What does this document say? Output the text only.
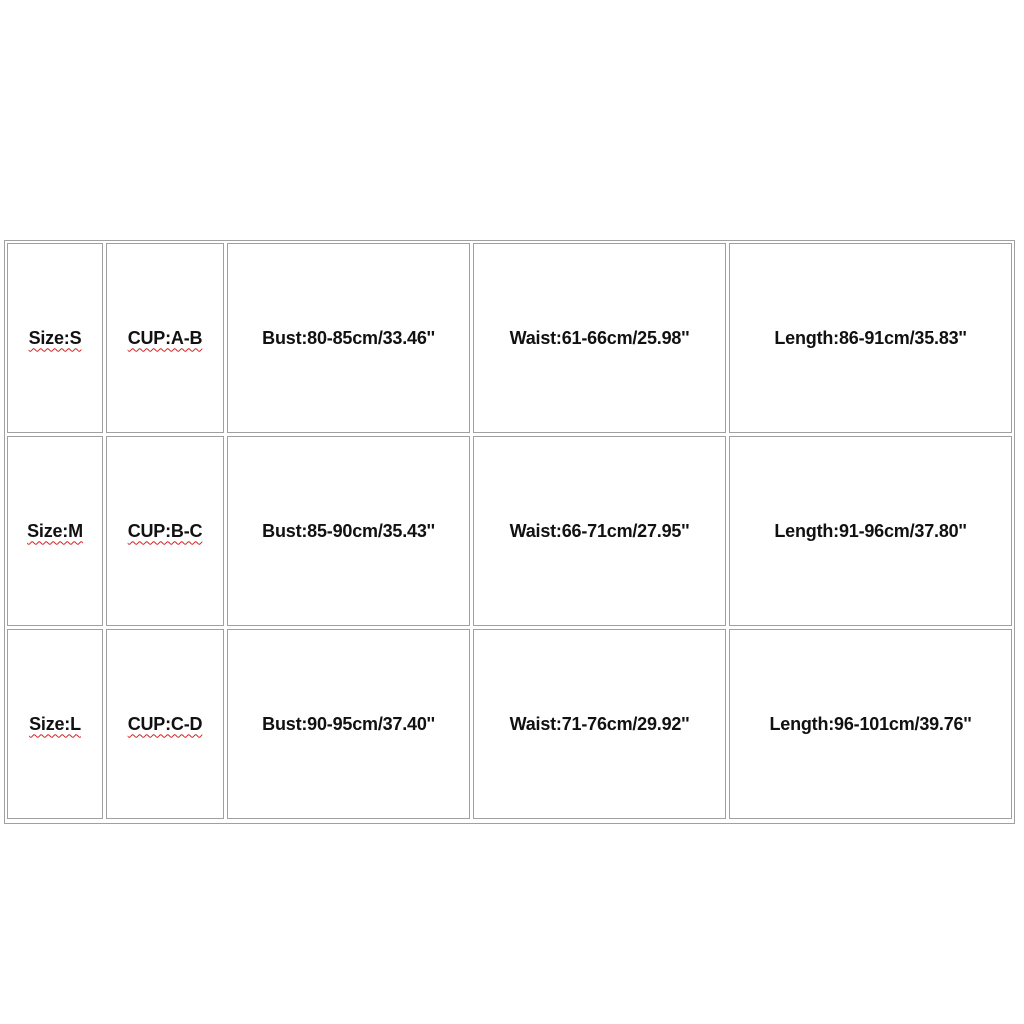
Size:S	CUP:A-B	Bust:80-85cm/33.46''	Waist:61-66cm/25.98''	Length:86-91cm/35.83''
Size:M CUP:B-C	Bust:85-90cm/35.43''	Waist:66-71cm/27.95''	Length:91-96cm/37.80''
Size:L	CUP:C-D	Bust:90-95cm/37.40''	Waist:71-76cm/29.92''	Length:96-101cm/39.76''
